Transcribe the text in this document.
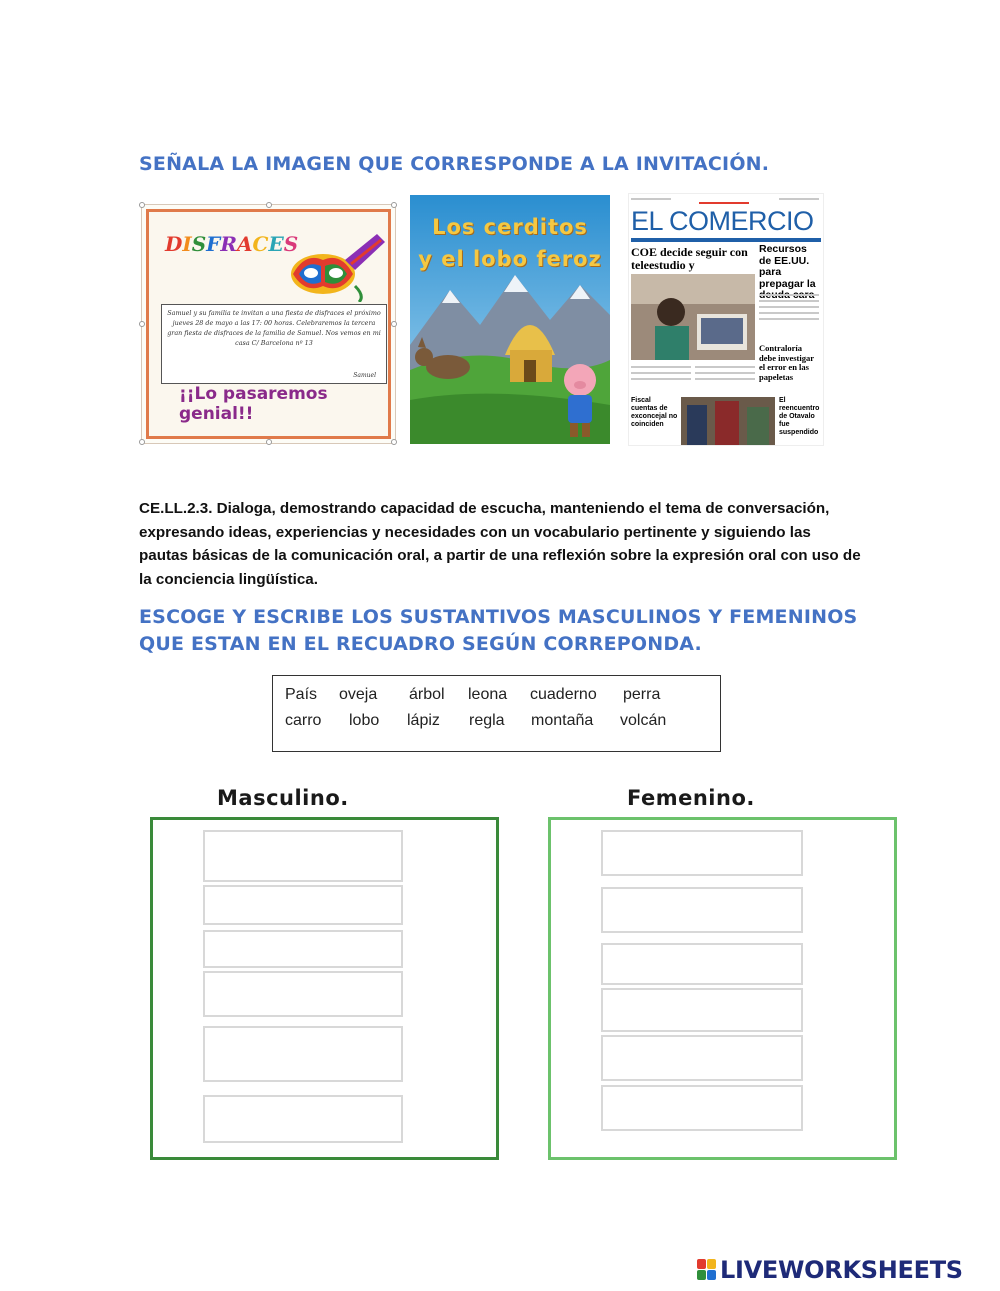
SEÑALA LA IMAGEN QUE CORRESPONDE A LA INVITACIÓN.
DISFRACES
Samuel y su familia te invitan a una fiesta de disfraces el próximo jueves 28 de mayo a las 17: 00 horas. Celebraremos la tercera gran fiesta de disfraces de la familia de Samuel. Nos vemos en mi casa C/ Barcelona nº 13
Samuel
¡¡Lo pasaremos genial!!
Los cerditos
y el lobo feroz
EL COMERCIO
COE decide seguir con teleestudio y
Recursos de EE.UU. para prepagar la
Contraloría debe investigar el error en las papeletas
Fiscal cuentas de exconcejal no coinciden
El reencuentro de Otavalo fue suspendido
CE.LL.2.3. Dialoga, demostrando capacidad de escucha, manteniendo el tema de conversación, expresando ideas, experiencias y necesidades con un vocabulario pertinente y siguiendo las pautas básicas de la comunicación oral, a partir de una reflexión sobre la expresión oral con uso de la conciencia lingüística.
ESCOGE Y ESCRIBE LOS SUSTANTIVOS MASCULINOS Y FEMENINOS
QUE ESTAN EN EL RECUADRO SEGÚN CORREPONDA.
País oveja árbol leona cuaderno perra
carro lobo lápiz regla montaña volcán
Masculino.	Femenino.
LIVEWORKSHEETS
